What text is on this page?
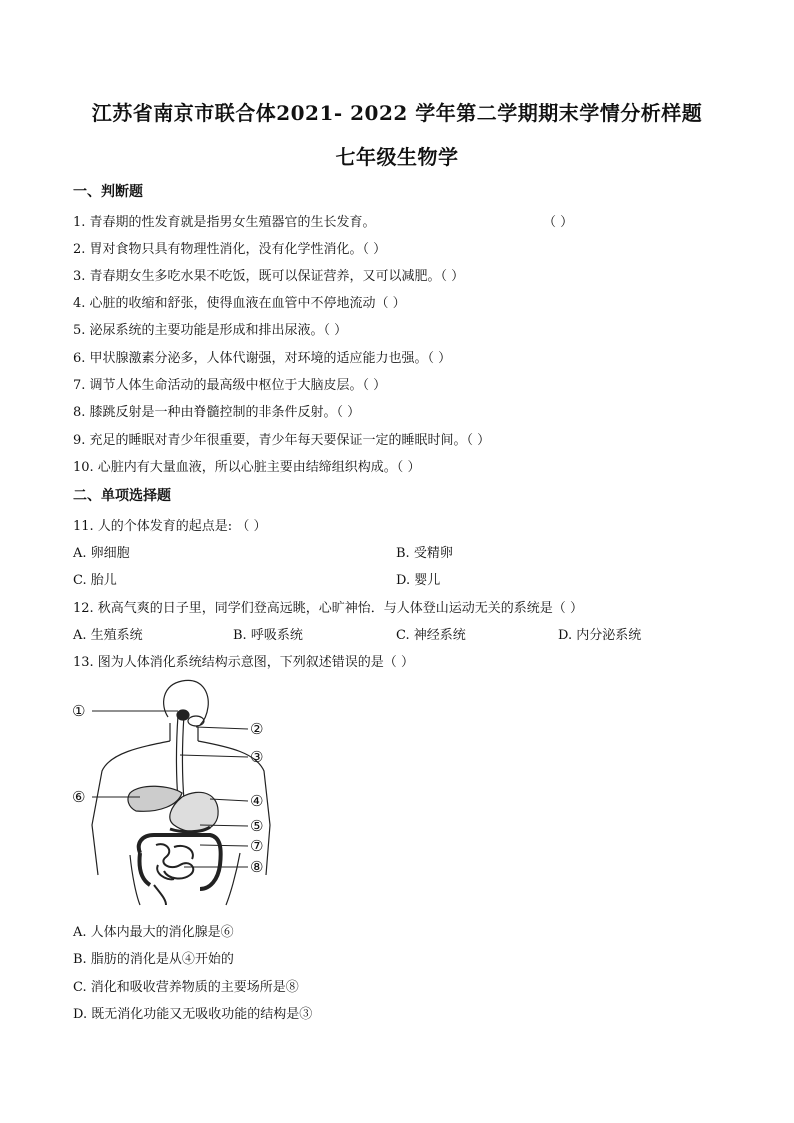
江苏省南京市联合体2021- 2022 学年第二学期期末学情分析样题
七年级生物学
一、判断题
1. 青春期的性发育就是指男女生殖器官的生长发育。	（ ）
2. 胃对食物只具有物理性消化，没有化学性消化。（ ）
3. 青春期女生多吃水果不吃饭，既可以保证营养，又可以减肥。（ ）
4. 心脏的收缩和舒张，使得血液在血管中不停地流动（ ）
5. 泌尿系统的主要功能是形成和排出尿液。（ ）
6. 甲状腺激素分泌多，人体代谢强，对环境的适应能力也强。（ ）
7. 调节人体生命活动的最高级中枢位于大脑皮层。（ ）
8. 膝跳反射是一种由脊髓控制的非条件反射。（ ）
9. 充足的睡眠对青少年很重要，青少年每天要保证一定的睡眠时间。（ ）
10. 心脏内有大量血液，所以心脏主要由结缔组织构成。（ ）
二、单项选择题
11. 人的个体发育的起点是: （ ）
A. 卵细胞	B. 受精卵
C. 胎儿	D. 婴儿
12. 秋高气爽的日子里，同学们登高远眺，心旷神怡．与人体登山运动无关的系统是（ ）
A. 生殖系统	B. 呼吸系统	C. 神经系统	D. 内分泌系统
13. 图为人体消化系统结构示意图，下列叙述错误的是（ ）
①
②
③
④
⑤
⑥
⑦
⑧
A. 人体内最大的消化腺是⑥
B. 脂肪的消化是从④开始的
C. 消化和吸收营养物质的主要场所是⑧
D. 既无消化功能又无吸收功能的结构是③
